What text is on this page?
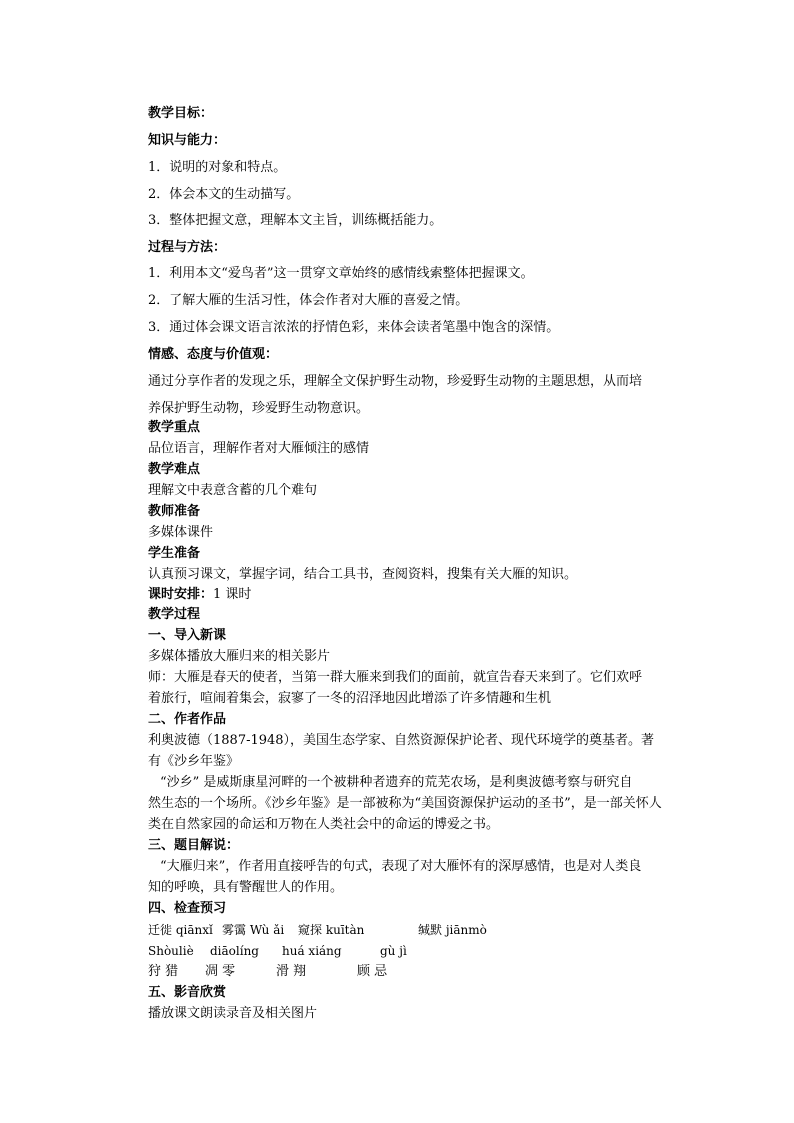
教学目标：
知识与能力：
1．说明的对象和特点。
2．体会本文的生动描写。
3．整体把握文意，理解本文主旨，训练概括能力。
过程与方法：
1．利用本文“爱鸟者”这一贯穿文章始终的感情线索整体把握课文。
2．了解大雁的生活习性，体会作者对大雁的喜爱之情。
3．通过体会课文语言浓浓的抒情色彩，来体会读者笔墨中饱含的深情。
情感、态度与价值观：
通过分享作者的发现之乐，理解全文保护野生动物，珍爱野生动物的主题思想，从而培
养保护野生动物，珍爱野生动物意识。
教学重点
品位语言，理解作者对大雁倾注的感情
教学难点
理解文中表意含蓄的几个难句
教师准备
多媒体课件
学生准备
认真预习课文，掌握字词，结合工具书，查阅资料，搜集有关大雁的知识。
课时安排：1 课时
教学过程
一、导入新课
多媒体播放大雁归来的相关影片
师：大雁是春天的使者，当第一群大雁来到我们的面前，就宣告春天来到了。它们欢呼
着旅行，喧闹着集会，寂寥了一冬的沼泽地因此增添了许多情趣和生机
二、作者作品
利奥波德（1887-1948），美国生态学家、自然资源保护论者、现代环境学的奠基者。著
有《沙乡年鉴》
“沙乡” 是威斯康星河畔的一个被耕种者遗弃的荒芜农场，是利奥波德考察与研究自
然生态的一个场所。《沙乡年鉴》是一部被称为“美国资源保护运动的圣书”，是一部关怀人
类在自然家园的命运和万物在人类社会中的命运的博爱之书。
三、题目解说：
“大雁归来”，作者用直接呼告的句式，表现了对大雁怀有的深厚感情，也是对人类良
知的呼唤，具有警醒世人的作用。
四、检查预习
迁徙 qiānxǐ 雾霭 Wù ǎi 窥探 kuītàn	缄默 jiānmò
Shòuliè diāolíng huá xiáng	gù jì
狩 猎 凋 零	滑 翔	顾 忌
五、影音欣赏
播放课文朗读录音及相关图片
